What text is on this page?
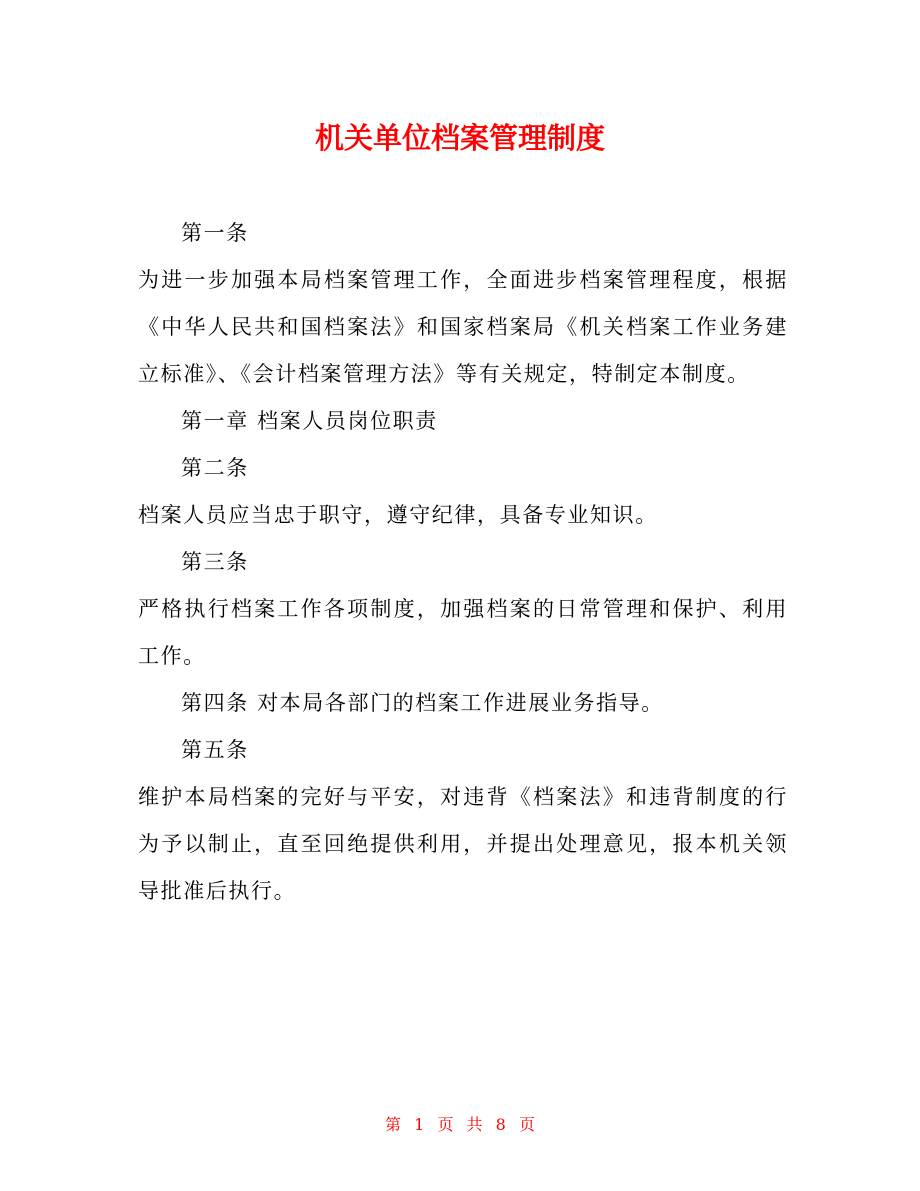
机关单位档案管理制度

第一条

为进一步加强本局档案管理工作，全面进步档案管理程度，根据《中华人民共和国档案法》和国家档案局《机关档案工作业务建立标准》、《会计档案管理方法》等有关规定，特制定本制度。

第一章 档案人员岗位职责

第二条

档案人员应当忠于职守，遵守纪律，具备专业知识。

第三条

严格执行档案工作各项制度，加强档案的日常管理和保护、利用工作。

第四条 对本局各部门的档案工作进展业务指导。

第五条

维护本局档案的完好与平安，对违背《档案法》和违背制度的行为予以制止，直至回绝提供利用，并提出处理意见，报本机关领导批准后执行。

第 1 页 共 8 页
